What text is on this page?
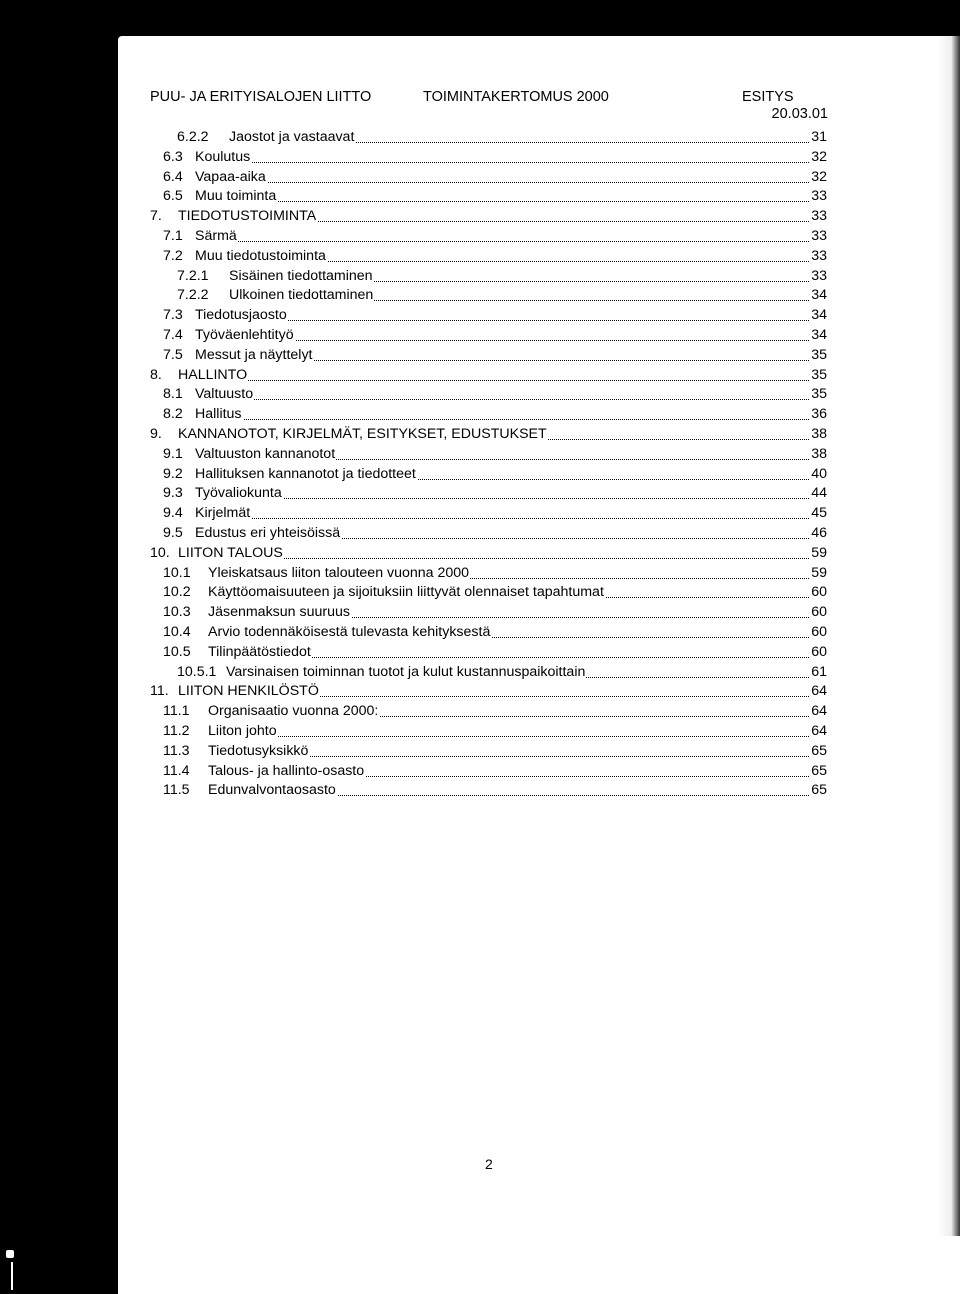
PUU- JA ERITYISALOJEN LIITTO	TOIMINTAKERTOMUS 2000	ESITYS
20.03.01
6.2.2 Jaostot ja vastaavat	31
6.3 Koulutus	32
6.4 Vapaa-aika	32
6.5 Muu toiminta	33
7. TIEDOTUSTOIMINTA	33
7.1 Särmä	33
7.2 Muu tiedotustoiminta	33
7.2.1 Sisäinen tiedottaminen	33
7.2.2 Ulkoinen tiedottaminen	34
7.3 Tiedotusjaosto	34
7.4 Työväenlehtityö	34
7.5 Messut ja näyttelyt	35
8. HALLINTO	35
8.1 Valtuusto	35
8.2 Hallitus	36
9. KANNANOTOT, KIRJELMÄT, ESITYKSET, EDUSTUKSET	38
9.1 Valtuuston kannanotot	38
9.2 Hallituksen kannanotot ja tiedotteet	40
9.3 Työvaliokunta	44
9.4 Kirjelmät	45
9.5 Edustus eri yhteisöissä	46
10. LIITON TALOUS	59
10.1 Yleiskatsaus liiton talouteen vuonna 2000	59
10.2 Käyttöomaisuuteen ja sijoituksiin liittyvät olennaiset tapahtumat	60
10.3 Jäsenmaksun suuruus	60
10.4 Arvio todennäköisestä tulevasta kehityksestä	60
10.5 Tilinpäätöstiedot	60
10.5.1 Varsinaisen toiminnan tuotot ja kulut kustannuspaikoittain	61
11. LIITON HENKILÖSTÖ	64
11.1 Organisaatio vuonna 2000:	64
11.2 Liiton johto	64
11.3 Tiedotusyksikkö	65
11.4 Talous- ja hallinto-osasto	65
11.5 Edunvalvontaosasto	65
2
